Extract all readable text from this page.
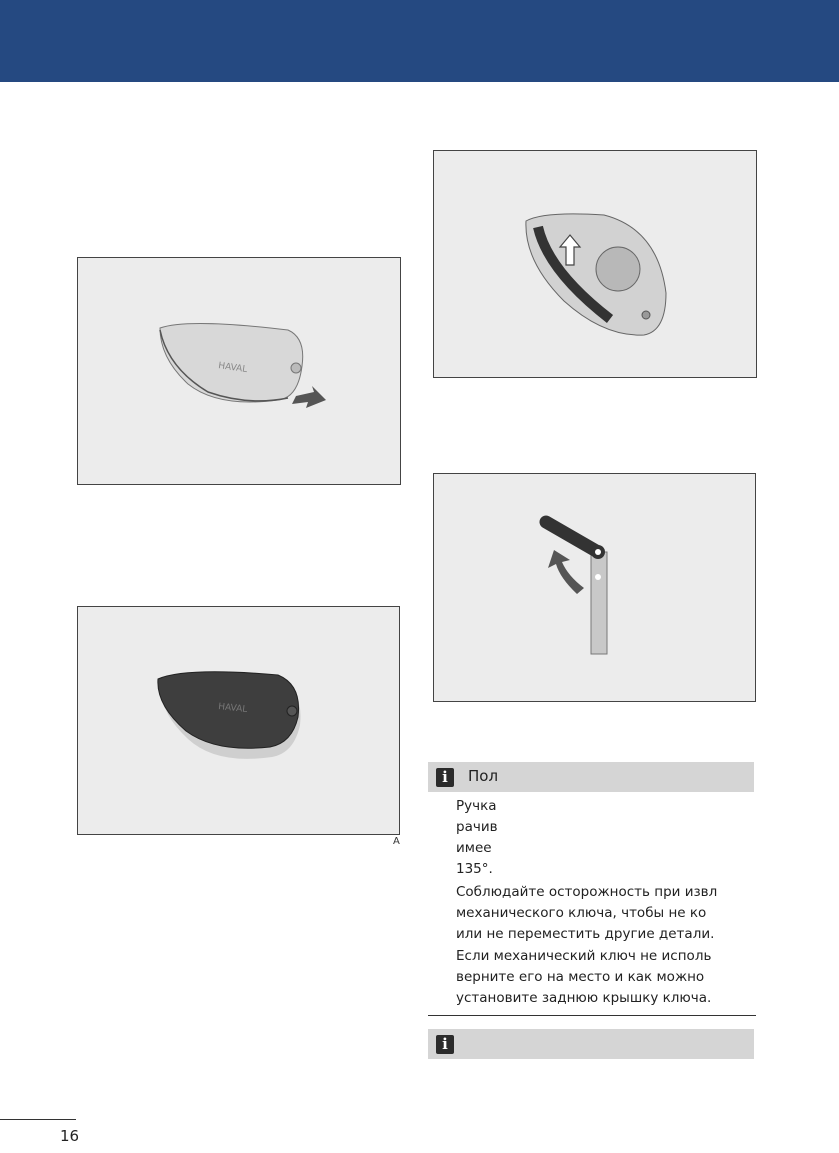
HAVAL
HAVAL
A
i	Пол

Ручка
рачив
имее
135°.

Соблюдайте осторожность при извл
механического ключа, чтобы не ко
или не переместить другие детали.

Если механический ключ не исполь
верните его на место и как можно
установите заднюю крышку ключа.

i
16
